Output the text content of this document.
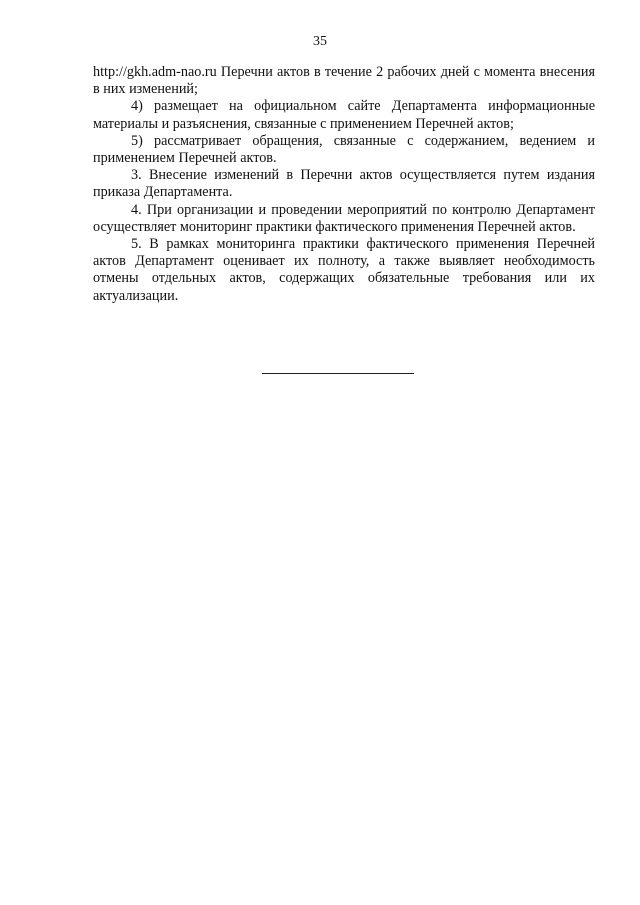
35

http://gkh.adm-nao.ru Перечни актов в течение 2 рабочих дней с момента внесения в них изменений;

4) размещает на официальном сайте Департамента информационные материалы и разъяснения, связанные с применением Перечней актов;

5) рассматривает обращения, связанные с содержанием, ведением и применением Перечней актов.

3. Внесение изменений в Перечни актов осуществляется путем издания приказа Департамента.

4. При организации и проведении мероприятий по контролю Департамент осуществляет мониторинг практики фактического применения Перечней актов.

5. В рамках мониторинга практики фактического применения Перечней актов Департамент оценивает их полноту, а также выявляет необходимость отмены отдельных актов, содержащих обязательные требования или их актуализации.
